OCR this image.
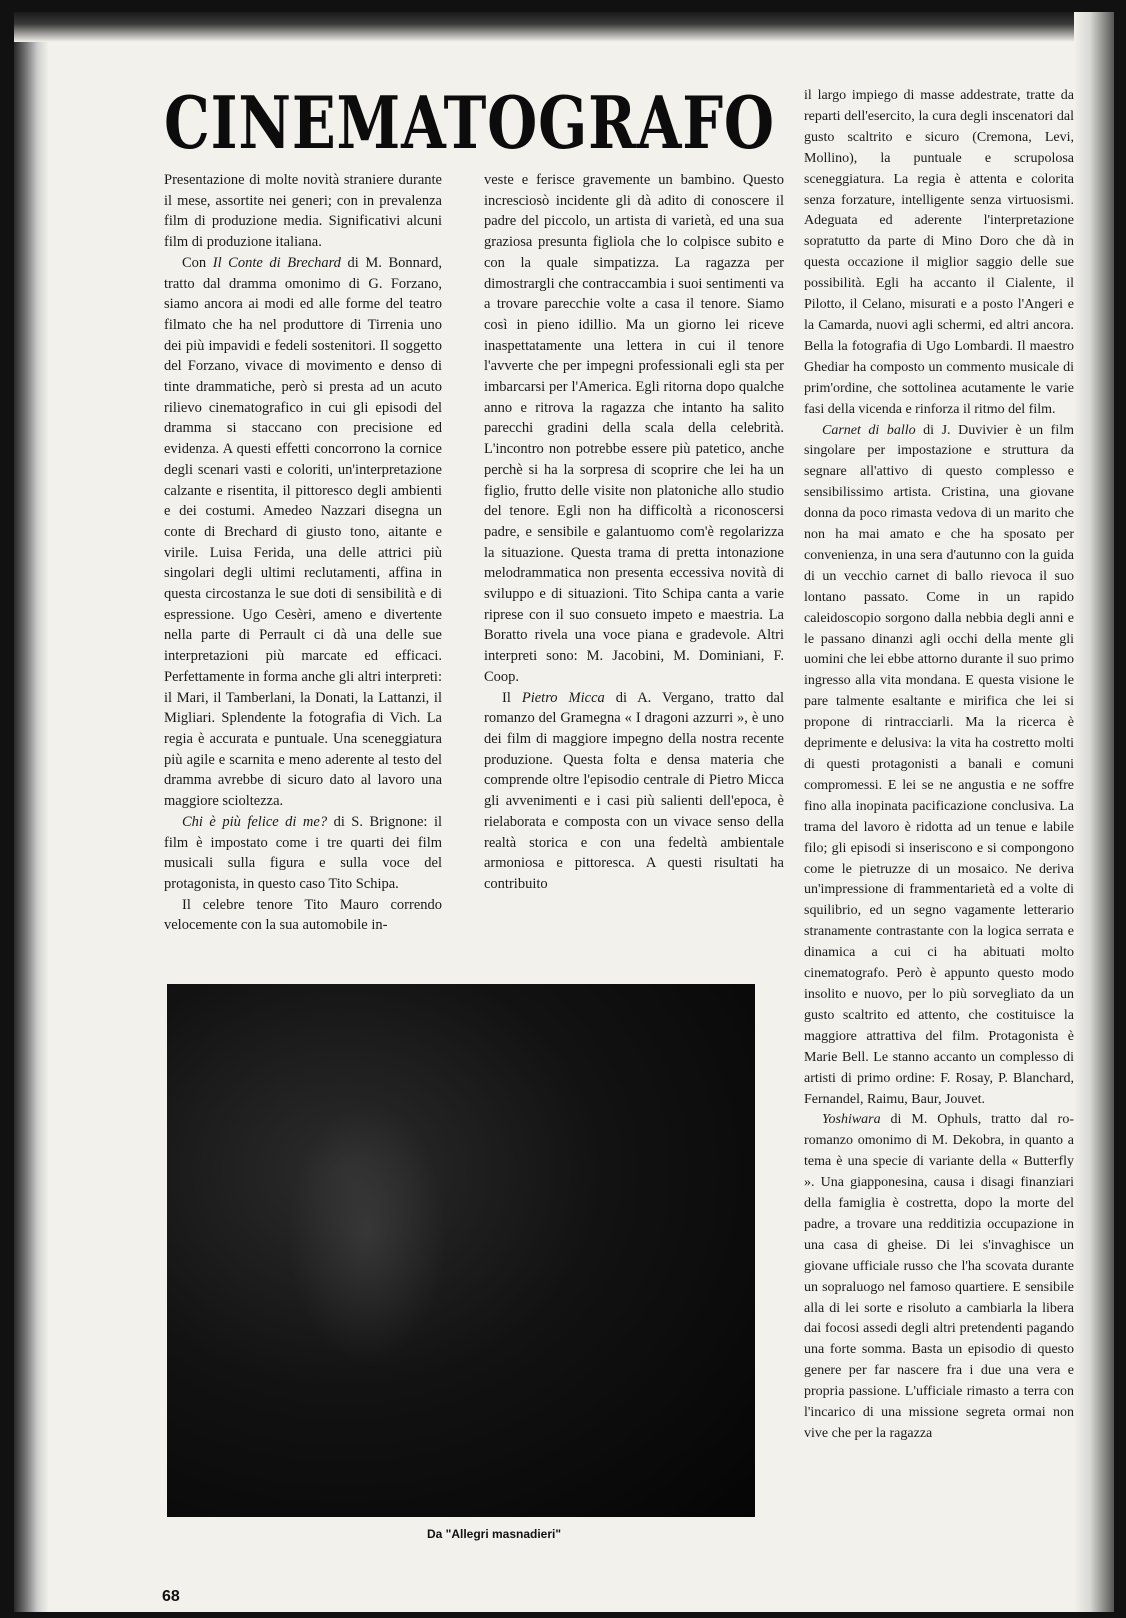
CINEMATOGRAFO

Presentazione di molte novità straniere durante il mese, assortite nei generi; con in prevalenza film di produzione media. Significativi alcuni film di produzione italiana.

Con Il Conte di Brechard di M. Bonnard, tratto dal dramma omonimo di G. Forzano, siamo ancora ai modi ed alle forme del teatro filmato che ha nel produttore di Tirrenia uno dei più impavidi e fedeli sostenitori. Il soggetto del Forzano, vivace di movimento e denso di tinte drammatiche, però si presta ad un acuto rilievo cinematografico in cui gli episodi del dramma si staccano con precisione ed evidenza. A questi effetti concorrono la cornice degli scenari vasti e coloriti, un'interpretazione calzante e risentita, il pittoresco degli ambienti e dei costumi. Amedeo Nazzari disegna un conte di Brechard di giusto tono, aitante e virile. Luisa Ferida, una delle attrici più singolari degli ultimi reclutamenti, affina in questa circostanza le sue doti di sensibilità e di espressione. Ugo Cesèri, ameno e divertente nella parte di Perrault ci dà una delle sue interpretazioni più marcate ed efficaci. Perfettamente in forma anche gli altri interpreti: il Mari, il Tamberlani, la Donati, la Lattanzi, il Migliari. Splendente la fotografia di Vich. La regia è accurata e puntuale. Una sceneggiatura più agile e scarnita e meno aderente al testo del dramma avrebbe di sicuro dato al lavoro una maggiore scioltezza.

Chi è più felice di me? di S. Brignone: il film è impostato come i tre quarti dei film musicali sulla figura e sulla voce del protagonista, in questo caso Tito Schipa.

Il celebre tenore Tito Mauro correndo velocemente con la sua automobile in-

veste e ferisce gravemente un bambino. Questo incresciosò incidente gli dà adito di conoscere il padre del piccolo, un artista di varietà, ed una sua graziosa presunta figliola che lo colpisce subito e con la quale simpatizza. La ragazza per dimostrargli che contraccambia i suoi sentimenti va a trovare parecchie volte a casa il tenore. Siamo così in pieno idillio. Ma un giorno lei riceve inaspettatamente una lettera in cui il tenore l'avverte che per impegni professionali egli sta per imbarcarsi per l'America. Egli ritorna dopo qualche anno e ritrova la ragazza che intanto ha salito parecchi gradini della scala della celebrità. L'incontro non potrebbe essere più patetico, anche perchè si ha la sorpresa di scoprire che lei ha un figlio, frutto delle visite non platoniche allo studio del tenore. Egli non ha difficoltà a riconoscersi padre, e sensibile e galantuomo com'è regolarizza la situazione. Questa trama di pretta intonazione melodrammatica non presenta eccessiva novità di sviluppo e di situazioni. Tito Schipa canta a varie riprese con il suo consueto impeto e maestria. La Boratto rivela una voce piana e gradevole. Altri interpreti sono: M. Jacobini, M. Dominiani, F. Coop.

Il Pietro Micca di A. Vergano, tratto dal romanzo del Gramegna « I dragoni azzurri », è uno dei film di maggiore impegno della nostra recente produzione. Questa folta e densa materia che comprende oltre l'episodio centrale di Pietro Micca gli avvenimenti e i casi più salienti dell'epoca, è rielaborata e composta con un vivace senso della realtà storica e con una fedeltà ambientale armoniosa e pittoresca. A questi risultati ha contribuito

il largo impiego di masse addestrate, tratte da reparti dell'esercito, la cura degli inscenatori dal gusto scaltrito e sicuro (Cremona, Levi, Mollino), la puntuale e scrupolosa sceneggiatura. La regia è attenta e colorita senza forzature, intelligente senza virtuosismi. Adeguata ed aderente l'interpretazione sopratutto da parte di Mino Doro che dà in questa occazione il miglior saggio delle sue possibilità. Egli ha accanto il Cialente, il Pilotto, il Celano, misurati e a posto l'Angeri e la Camarda, nuovi agli schermi, ed altri ancora. Bella la fotografia di Ugo Lombardi. Il maestro Ghediar ha composto un commento musicale di prim'ordine, che sottolinea acutamente le varie fasi della vicenda e rinforza il ritmo del film.

Carnet di ballo di J. Duvivier è un film singolare per impostazione e struttura da segnare all'attivo di questo complesso e sensibilissimo artista. Cristina, una giovane donna da poco rimasta vedova di un marito che non ha mai amato e che ha sposato per convenienza, in una sera d'autunno con la guida di un vecchio carnet di ballo rievoca il suo lontano passato. Come in un rapido caleidoscopio sorgono dalla nebbia degli anni e le passano dinanzi agli occhi della mente gli uomini che lei ebbe attorno durante il suo primo ingresso alla vita mondana. E questa visione le pare talmente esaltante e mirifica che lei si propone di rintracciarli. Ma la ricerca è deprimente e delusiva: la vita ha costretto molti di questi protagonisti a banali e comuni compromessi. E lei se ne angustia e ne soffre fino alla inopinata pacificazione conclusiva. La trama del lavoro è ridotta ad un tenue e labile filo; gli episodi si inseriscono e si compongono come le pietruzze di un mosaico. Ne deriva un'impressione di frammentarietà ed a volte di squilibrio, ed un segno vagamente letterario stranamente contrastante con la logica serrata e dinamica a cui ci ha abituati molto cinematografo. Però è appunto questo modo insolito e nuovo, per lo più sorvegliato da un gusto scaltrito ed attento, che costituisce la maggiore attrattiva del film. Protagonista è Marie Bell. Le stanno accanto un complesso di artisti di primo ordine: F. Rosay, P. Blanchard, Fernandel, Raimu, Baur, Jouvet.

Yoshiwara di M. Ophuls, tratto dal ro- romanzo omonimo di M. Dekobra, in quanto a tema è una specie di variante della « Butterfly ». Una giapponesina, causa i disagi finanziari della famiglia è costretta, dopo la morte del padre, a trovare una redditizia occupazione in una casa di gheise. Di lei s'invaghisce un giovane ufficiale russo che l'ha scovata durante un sopraluogo nel famoso quartiere. E sensibile alla di lei sorte e risoluto a cambiarla la libera dai focosi assedi degli altri pretendenti pagando una forte somma. Basta un episodio di questo genere per far nascere fra i due una vera e propria passione. L'ufficiale rimasto a terra con l'incarico di una missione segreta ormai non vive che per la ragazza

Da "Allegri masnadieri"
68
